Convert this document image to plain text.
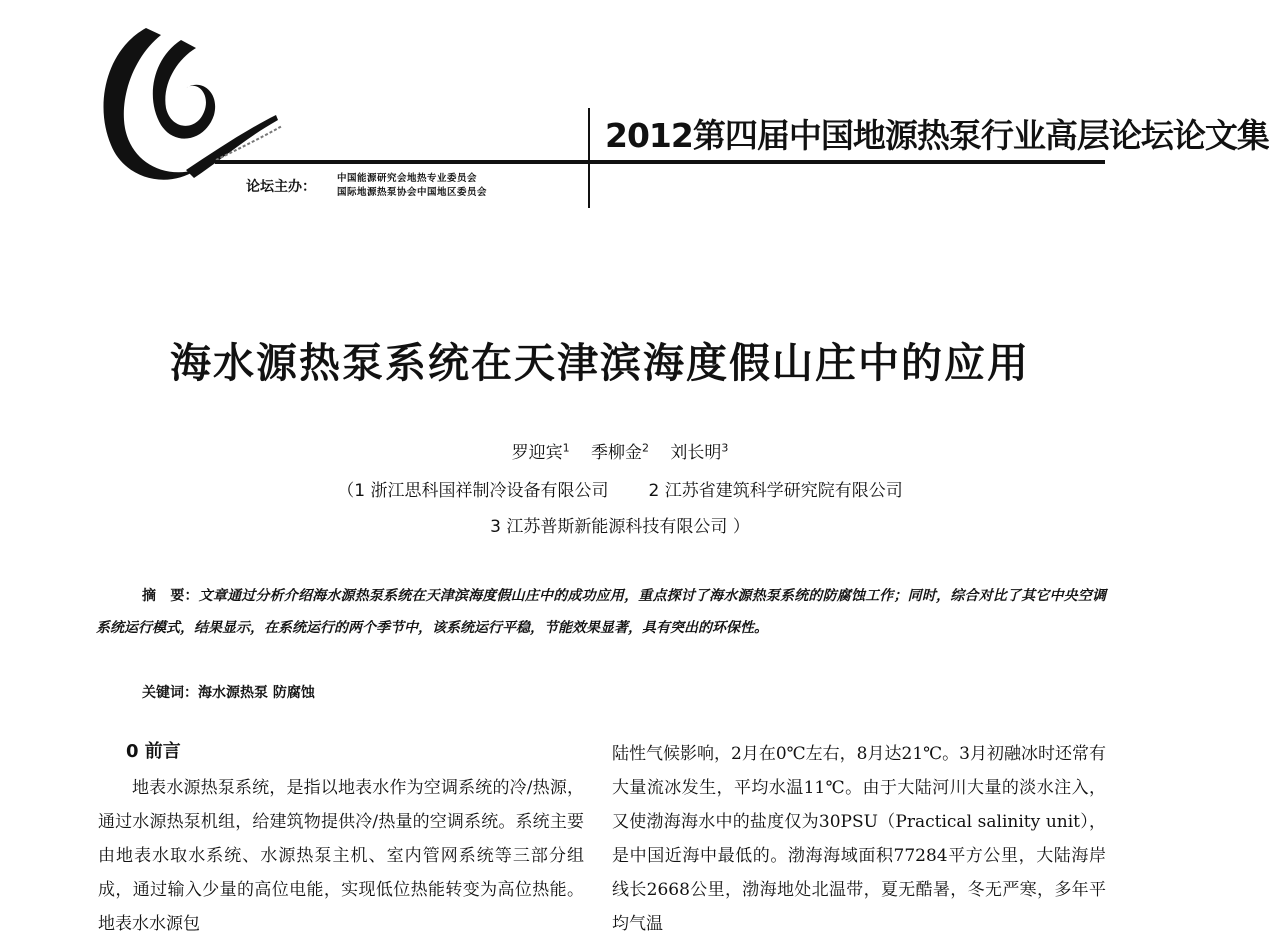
2012第四届中国地源热泵行业高层论坛论文集
论坛主办：
中国能源研究会地热专业委员会
国际地源热泵协会中国地区委员会
海水源热泵系统在天津滨海度假山庄中的应用
罗迎宾$^1$ 季柳金$^2$ 刘长明$^3$
（1 浙江思科国祥制冷设备有限公司 2 江苏省建筑科学研究院有限公司
3 江苏普斯新能源科技有限公司 ）
摘　要：文章通过分析介绍海水源热泵系统在天津滨海度假山庄中的成功应用，重点探讨了海水源热泵系统的防腐蚀工作；同时，综合对比了其它中央空调系统运行模式，结果显示，在系统运行的两个季节中，该系统运行平稳，节能效果显著，具有突出的环保性。
关键词：海水源热泵 防腐蚀
0 前言
地表水源热泵系统，是指以地表水作为空调系统的冷/热源，通过水源热泵机组，给建筑物提供冷/热量的空调系统。系统主要由地表水取水系统、水源热泵主机、室内管网系统等三部分组成，通过输入少量的高位电能，实现低位热能转变为高位热能。地表水水源包
陆性气候影响，2月在0℃左右，8月达21℃。3月初融冰时还常有大量流冰发生，平均水温11℃。由于大陆河川大量的淡水注入，又使渤海海水中的盐度仅为30PSU（Practical salinity unit），是中国近海中最低的。渤海海域面积77284平方公里，大陆海岸线长2668公里，渤海地处北温带，夏无酷暑，冬无严寒，多年平均气温
